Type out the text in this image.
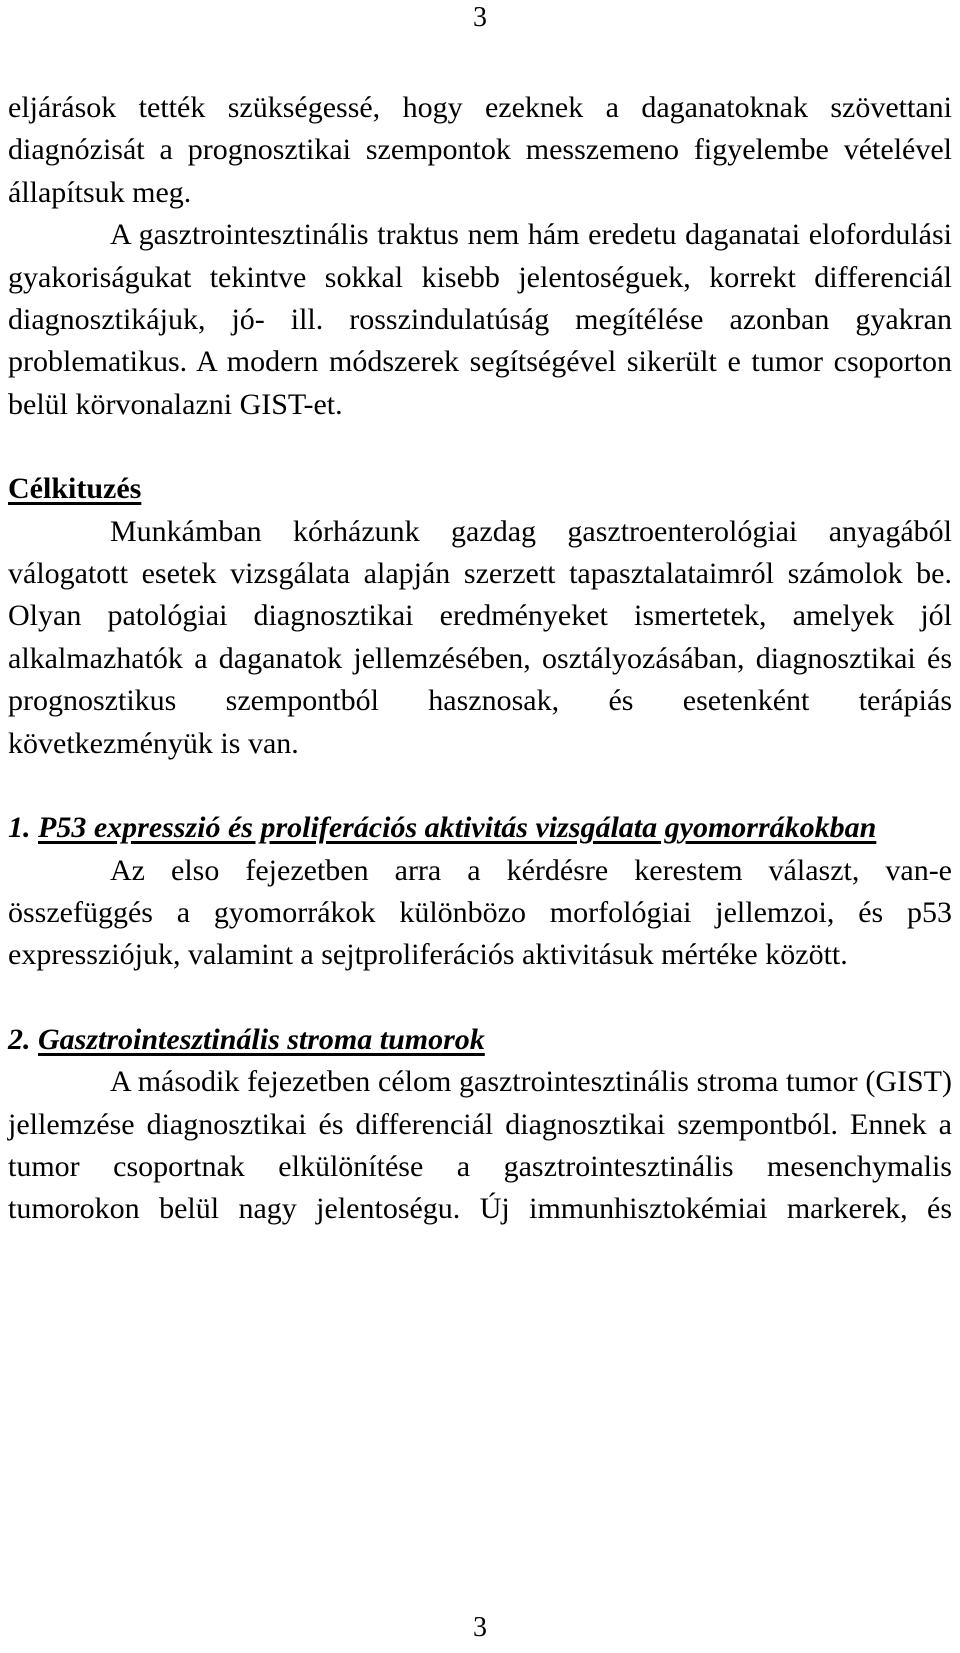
3

eljárások tették szükségessé, hogy ezeknek a daganatoknak szövettani diagnózisát a prognosztikai szempontok messzemeno figyelembe vételével állapítsuk meg.

A gasztrointesztinális traktus nem hám eredetu daganatai elofordulási gyakoriságukat tekintve sokkal kisebb jelentoséguek, korrekt differenciál diagnosztikájuk, jó- ill. rosszindulatúság megítélése azonban gyakran problematikus. A modern módszerek segítségével sikerült e tumor csoporton belül körvonalazni GIST-et.

Célkituzés

Munkámban kórházunk gazdag gasztroenterológiai anyagából válogatott esetek vizsgálata alapján szerzett tapasztalataimról számolok be. Olyan patológiai diagnosztikai eredményeket ismertetek, amelyek jól alkalmazhatók a daganatok jellemzésében, osztályozásában, diagnosztikai és prognosztikus szempontból hasznosak, és esetenként terápiás következményük is van.

1. P53 expresszió és proliferációs aktivitás vizsgálata gyomorrákokban

Az elso fejezetben arra a kérdésre kerestem választ, van-e összefüggés a gyomorrákok különbözo morfológiai jellemzoi, és p53 expressziójuk, valamint a sejtproliferációs aktivitásuk mértéke között.

2. Gasztrointesztinális stroma tumorok

A második fejezetben célom gasztrointesztinális stroma tumor (GIST) jellemzése diagnosztikai és differenciál diagnosztikai szempontból. Ennek a tumor csoportnak elkülönítése a gasztrointesztinális mesenchymalis tumorokon belül nagy jelentoségu. Új immunhisztokémiai markerek, és

3
